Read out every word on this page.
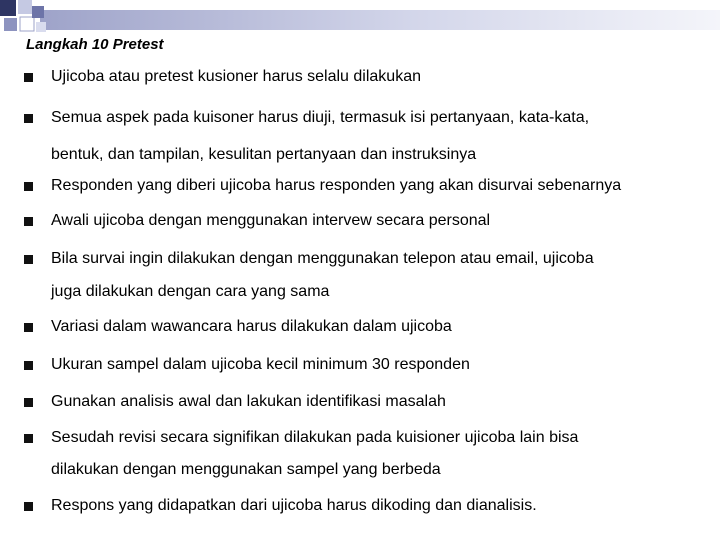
Langkah 10 Pretest
Ujicoba atau pretest kusioner harus selalu dilakukan
Semua aspek pada kuisoner harus diuji, termasuk isi pertanyaan, kata-kata,
bentuk, dan tampilan, kesulitan pertanyaan dan instruksinya
Responden yang diberi ujicoba harus responden yang akan disurvai sebenarnya
Awali ujicoba dengan menggunakan intervew secara personal
Bila survai ingin dilakukan dengan menggunakan telepon atau email, ujicoba
juga dilakukan dengan cara yang sama
Variasi dalam wawancara harus dilakukan dalam ujicoba
Ukuran sampel dalam ujicoba kecil minimum 30 responden
Gunakan analisis awal dan lakukan identifikasi masalah
Sesudah revisi secara signifikan dilakukan pada kuisioner ujicoba lain bisa
dilakukan dengan menggunakan sampel yang berbeda
Respons yang didapatkan dari ujicoba harus dikoding dan dianalisis.
